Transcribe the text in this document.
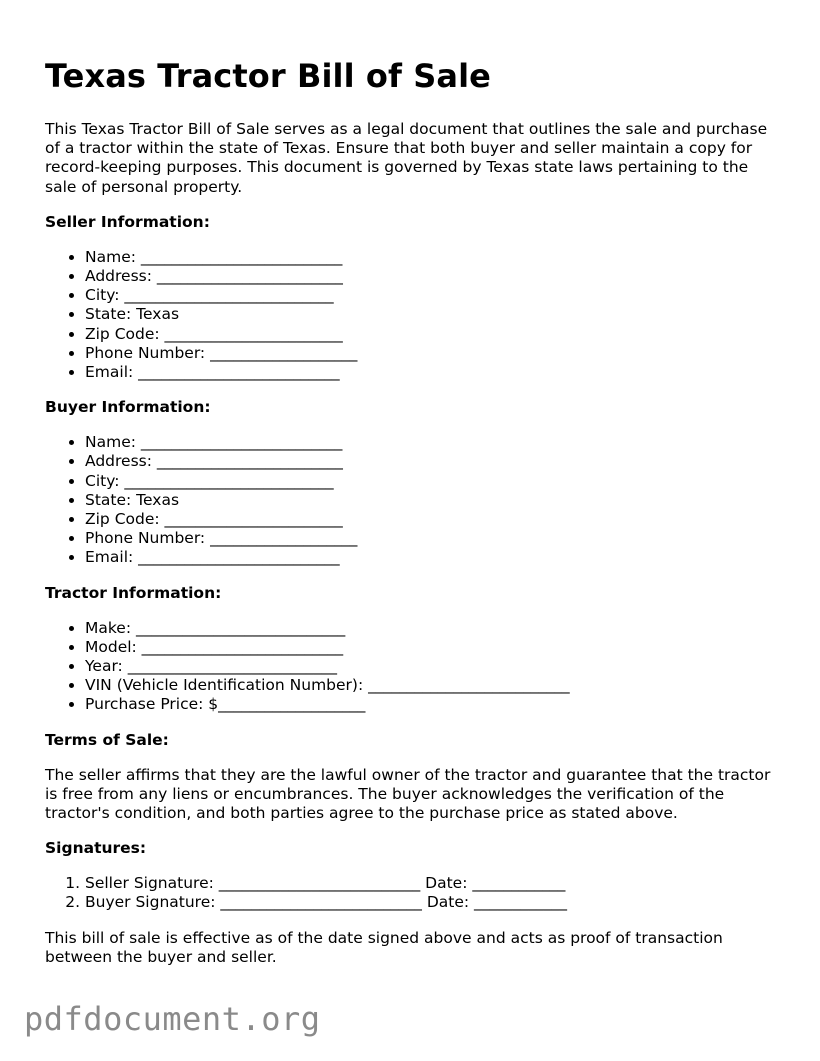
Texas Tractor Bill of Sale

This Texas Tractor Bill of Sale serves as a legal document that outlines the sale and purchase of a tractor within the state of Texas. Ensure that both buyer and seller maintain a copy for record-keeping purposes. This document is governed by Texas state laws pertaining to the sale of personal property.

Seller Information:
• Name: __________________________
• Address: ________________________
• City: ___________________________
• State: Texas
• Zip Code: _______________________
• Phone Number: ___________________
• Email: __________________________
Buyer Information:
• Name: __________________________
• Address: ________________________
• City: ___________________________
• State: Texas
• Zip Code: _______________________
• Phone Number: ___________________
• Email: __________________________
Tractor Information:
• Make: ___________________________
• Model: __________________________
• Year: ___________________________
• VIN (Vehicle Identification Number): __________________________
• Purchase Price: $___________________
Terms of Sale:

The seller affirms that they are the lawful owner of the tractor and guarantee that the tractor is free from any liens or encumbrances. The buyer acknowledges the verification of the tractor's condition, and both parties agree to the purchase price as stated above.

Signatures:
1. Seller Signature: __________________________ Date: ____________
2. Buyer Signature: __________________________ Date: ____________

This bill of sale is effective as of the date signed above and acts as proof of transaction between the buyer and seller.

pdfdocument.org
